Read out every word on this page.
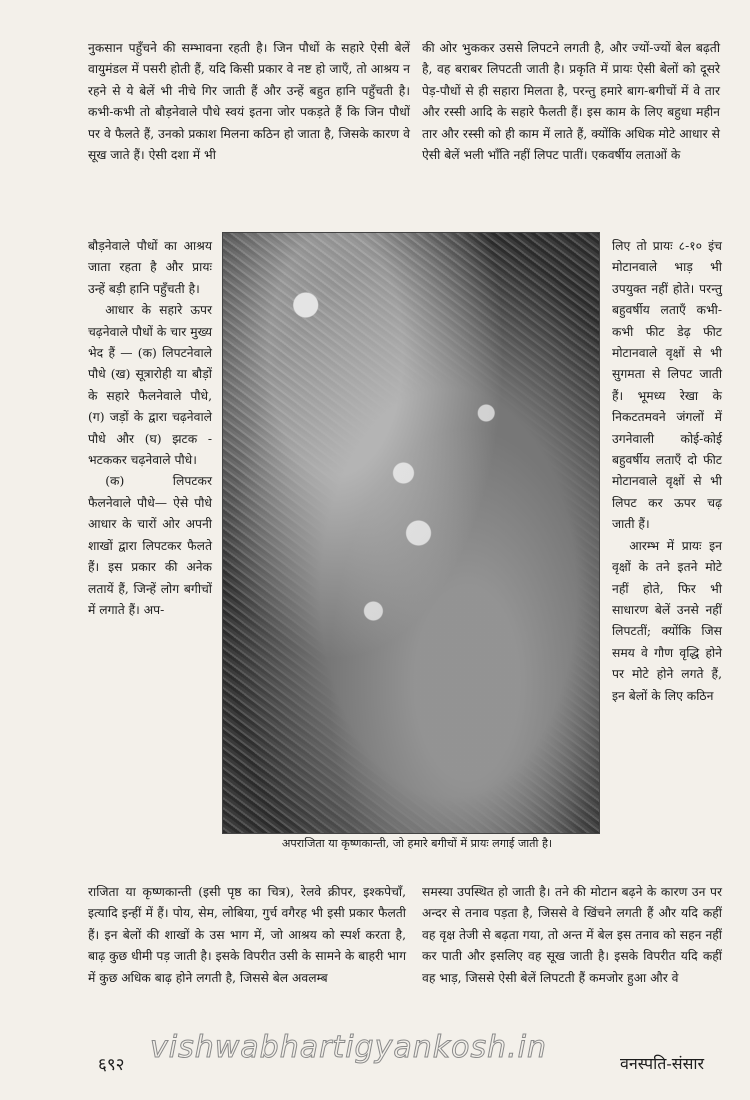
नुकसान पहुँचने की सम्भावना रहती है। जिन पौधों के सहारे ऐसी बेलें वायुमंडल में पसरी होती हैं, यदि किसी प्रकार वे नष्ट हो जाएँ, तो आश्रय न रहने से ये बेलें भी नीचे गिर जाती हैं और उन्हें बहुत हानि पहुँचती है। कभी-कभी तो बौड़नेवाले पौधे स्वयं इतना जोर पकड़ते हैं कि जिन पौधों पर वे फैलते हैं, उनको प्रकाश मिलना कठिन हो जाता है, जिसके कारण वे सूख जाते हैं। ऐसी दशा में भी

की ओर भुककर उससे लिपटने लगती है, और ज्यों-ज्यों बेल बढ़ती है, वह बराबर लिपटती जाती है। प्रकृति में प्रायः ऐसी बेलों को दूसरे पेड़-पौधों से ही सहारा मिलता है, परन्तु हमारे बाग-बगीचों में वे तार और रस्सी आदि के सहारे फैलती हैं। इस काम के लिए बहुधा महीन तार और रस्सी को ही काम में लाते हैं, क्योंकि अधिक मोटे आधार से ऐसी बेलें भली भाँति नहीं लिपट पातीं। एकवर्षीय लताओं के

बौड़नेवाले पौधों का आश्रय जाता रहता है और प्रायः उन्हें बड़ी हानि पहुँचती है।

आधार के सहारे ऊपर चढ़नेवाले पौधों के चार मुख्य भेद हैं — (क) लिपटनेवाले पौधे (ख) सूत्रारोही या बौड़ों के सहारे फैलनेवाले पौधे, (ग) जड़ों के द्वारा चढ़नेवाले पौधे और (घ) झटक - भटककर चढ़नेवाले पौधे।

(क) लिपटकर फैलनेवाले पौधे— ऐसे पौधे आधार के चारों ओर अपनी शाखों द्वारा लिपटकर फैलते हैं। इस प्रकार की अनेक लतायें हैं, जिन्हें लोग बगीचों में लगाते हैं। अप-

अपराजिता या कृष्णकान्ती, जो हमारे बगीचों में प्रायः लगाई जाती है।

लिए तो प्रायः ८-१० इंच मोटानवाले भाड़ भी उपयुक्त नहीं होते। परन्तु बहुवर्षीय लताएँ कभी-कभी फीट डेढ़ फीट मोटानवाले वृक्षों से भी सुगमता से लिपट जाती हैं। भूमध्य रेखा के निकटतमवने जंगलों में उगनेवाली कोई-कोई बहुवर्षीय लताएँ दो फीट मोटानवाले वृक्षों से भी लिपट कर ऊपर चढ़ जाती हैं।

आरम्भ में प्रायः इन वृक्षों के तने इतने मोटे नहीं होते, फिर भी साधारण बेलें उनसे नहीं लिपटतीं; क्योंकि जिस समय वे गौण वृद्धि होने पर मोटे होने लगते हैं, इन बेलों के लिए कठिन

राजिता या कृष्णकान्ती (इसी पृष्ठ का चित्र), रेलवे क्रीपर, इश्कपेचाँ, इत्यादि इन्हीं में हैं। पोय, सेम, लोबिया, गुर्च वगैरह भी इसी प्रकार फैलती हैं। इन बेलों की शाखों के उस भाग में, जो आश्रय को स्पर्श करता है, बाढ़ कुछ धीमी पड़ जाती है। इसके विपरीत उसी के सामने के बाहरी भाग में कुछ अधिक बाढ़ होने लगती है, जिससे बेल अवलम्ब

समस्या उपस्थित हो जाती है। तने की मोटान बढ़ने के कारण उन पर अन्दर से तनाव पड़ता है, जिससे वे खिंचने लगती हैं और यदि कहीं वह वृक्ष तेजी से बढ़ता गया, तो अन्त में बेल इस तनाव को सहन नहीं कर पाती और इसलिए वह सूख जाती है। इसके विपरीत यदि कहीं वह भाड़, जिससे ऐसी बेलें लिपटती हैं कमजोर हुआ और वे

vishwabhartigyankosh.in
६९२	वनस्पति-संसार
